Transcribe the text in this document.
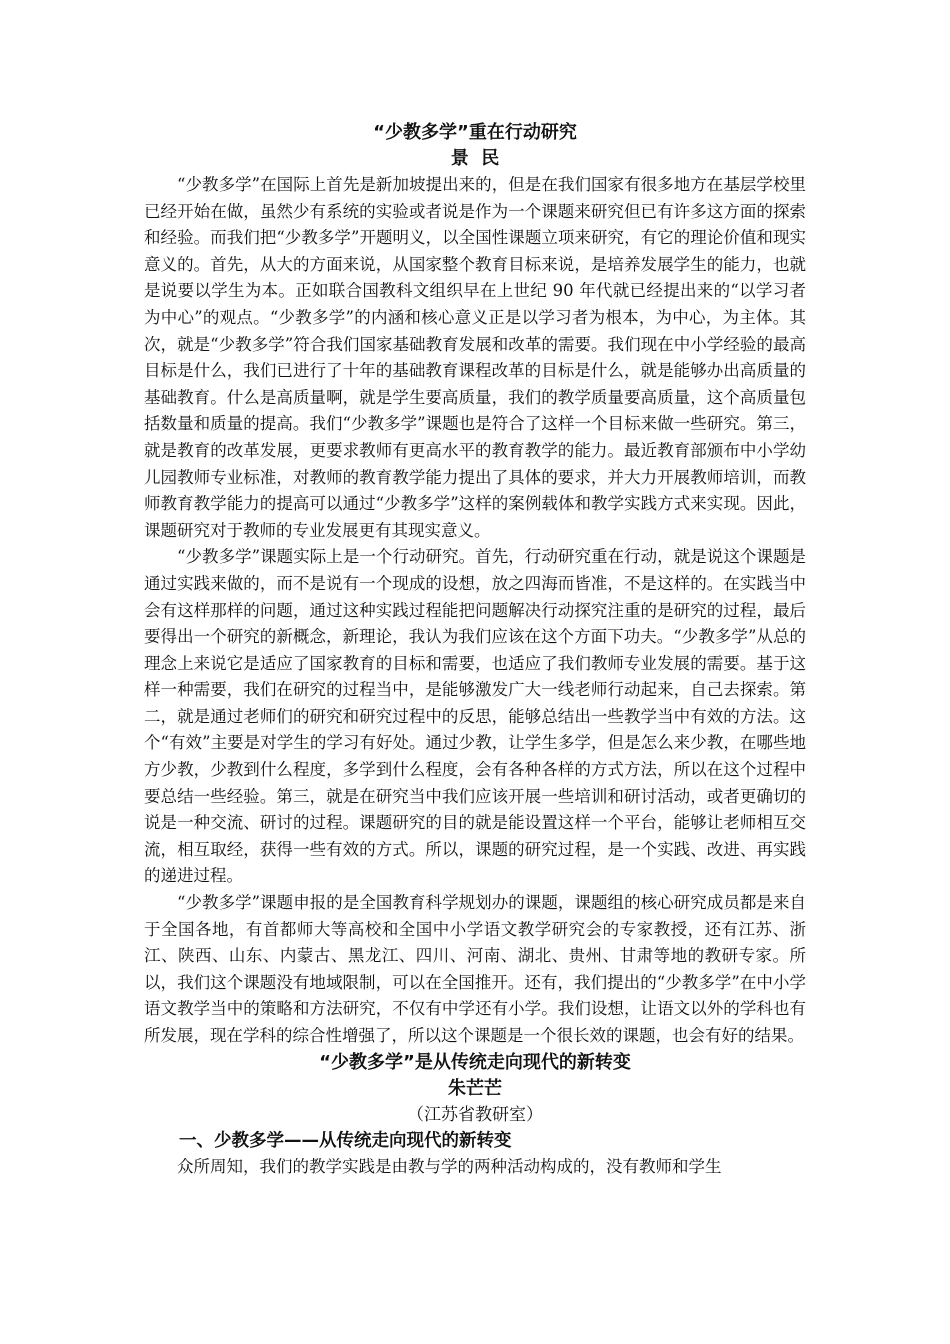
“少教多学”重在行动研究

景  民

“少教多学”在国际上首先是新加坡提出来的，但是在我们国家有很多地方在基层学校里已经开始在做，虽然少有系统的实验或者说是作为一个课题来研究但已有许多这方面的探索和经验。而我们把“少教多学”开题明义，以全国性课题立项来研究，有它的理论价值和现实意义的。首先，从大的方面来说，从国家整个教育目标来说，是培养发展学生的能力，也就是说要以学生为本。正如联合国教科文组织早在上世纪 90 年代就已经提出来的“以学习者为中心”的观点。“少教多学”的内涵和核心意义正是以学习者为根本，为中心，为主体。其次，就是“少教多学”符合我们国家基础教育发展和改革的需要。我们现在中小学经验的最高目标是什么，我们已进行了十年的基础教育课程改革的目标是什么，就是能够办出高质量的基础教育。什么是高质量啊，就是学生要高质量，我们的教学质量要高质量，这个高质量包括数量和质量的提高。我们“少教多学”课题也是符合了这样一个目标来做一些研究。第三，就是教育的改革发展，更要求教师有更高水平的教育教学的能力。最近教育部颁布中小学幼儿园教师专业标准，对教师的教育教学能力提出了具体的要求，并大力开展教师培训，而教师教育教学能力的提高可以通过“少教多学”这样的案例载体和教学实践方式来实现。因此，课题研究对于教师的专业发展更有其现实意义。

“少教多学”课题实际上是一个行动研究。首先，行动研究重在行动，就是说这个课题是通过实践来做的，而不是说有一个现成的设想，放之四海而皆准，不是这样的。在实践当中会有这样那样的问题，通过这种实践过程能把问题解决行动探究注重的是研究的过程，最后要得出一个研究的新概念，新理论，我认为我们应该在这个方面下功夫。“少教多学”从总的理念上来说它是适应了国家教育的目标和需要，也适应了我们教师专业发展的需要。基于这样一种需要，我们在研究的过程当中，是能够激发广大一线老师行动起来，自己去探索。第二，就是通过老师们的研究和研究过程中的反思，能够总结出一些教学当中有效的方法。这个“有效”主要是对学生的学习有好处。通过少教，让学生多学，但是怎么来少教，在哪些地方少教，少教到什么程度，多学到什么程度，会有各种各样的方式方法，所以在这个过程中要总结一些经验。第三，就是在研究当中我们应该开展一些培训和研讨活动，或者更确切的说是一种交流、研讨的过程。课题研究的目的就是能设置这样一个平台，能够让老师相互交流，相互取经，获得一些有效的方式。所以，课题的研究过程，是一个实践、改进、再实践的递进过程。

“少教多学”课题申报的是全国教育科学规划办的课题，课题组的核心研究成员都是来自于全国各地，有首都师大等高校和全国中小学语文教学研究会的专家教授，还有江苏、浙江、陕西、山东、内蒙古、黑龙江、四川、河南、湖北、贵州、甘肃等地的教研专家。所以，我们这个课题没有地域限制，可以在全国推开。还有，我们提出的“少教多学”在中小学语文教学当中的策略和方法研究，不仅有中学还有小学。我们设想，让语文以外的学科也有所发展，现在学科的综合性增强了，所以这个课题是一个很长效的课题，也会有好的结果。

“少教多学”是从传统走向现代的新转变

朱芒芒

（江苏省教研室）

一、少教多学——从传统走向现代的新转变

众所周知，我们的教学实践是由教与学的两种活动构成的，没有教师和学生
